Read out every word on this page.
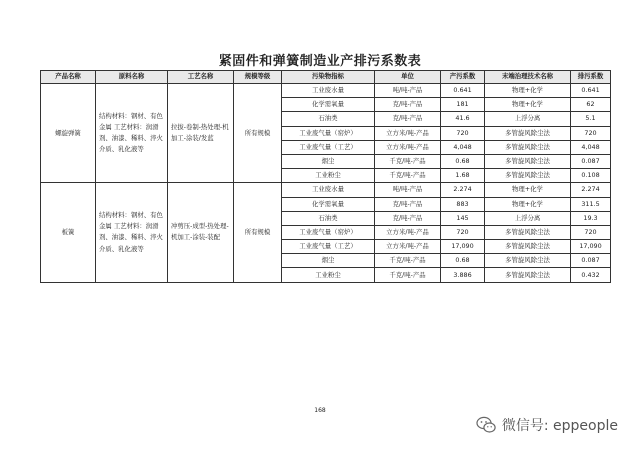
紧固件和弹簧制造业产排污系数表
产品名称	原料名称	工艺名称	规模等级	污染物指标	单位	产污系数	末端治理技术名称	排污系数
螺旋弹簧	结构材料：钢材、有色金属 工艺材料：润滑剂、油漆、稀料、淬火介质、乳化液等	拉拔-卷制-热处理-机加工-涂装/发蓝	所有规模	工业废水量	吨/吨-产品	0.641	物理+化学	0.641
				化学需氧量	克/吨-产品	181	物理+化学	62
				石油类	克/吨-产品	41.6	上浮分离	5.1
				工业废气量（窑炉）	立方米/吨-产品	720	多管旋风除尘法	720
				工业废气量（工艺）	立方米/吨-产品	4,048	多管旋风除尘法	4,048
				烟尘	千克/吨-产品	0.68	多管旋风除尘法	0.087
				工业粉尘	千克/吨-产品	1.68	多管旋风除尘法	0.108
板簧	结构材料：钢材、有色金属 工艺材料：润滑剂、油漆、稀料、淬火介质、乳化液等	冲剪压-成型-热处理-机加工-涂装-装配	所有规模	工业废水量	吨/吨-产品	2.274	物理+化学	2.274
				化学需氧量	克/吨-产品	883	物理+化学	311.5
				石油类	克/吨-产品	145	上浮分离	19.3
				工业废气量（窑炉）	立方米/吨-产品	720	多管旋风除尘法	720
				工业废气量（工艺）	立方米/吨-产品	17,090	多管旋风除尘法	17,090
				烟尘	千克/吨-产品	0.68	多管旋风除尘法	0.087
				工业粉尘	千克/吨-产品	3.886	多管旋风除尘法	0.432
168
微信号: eppeople
